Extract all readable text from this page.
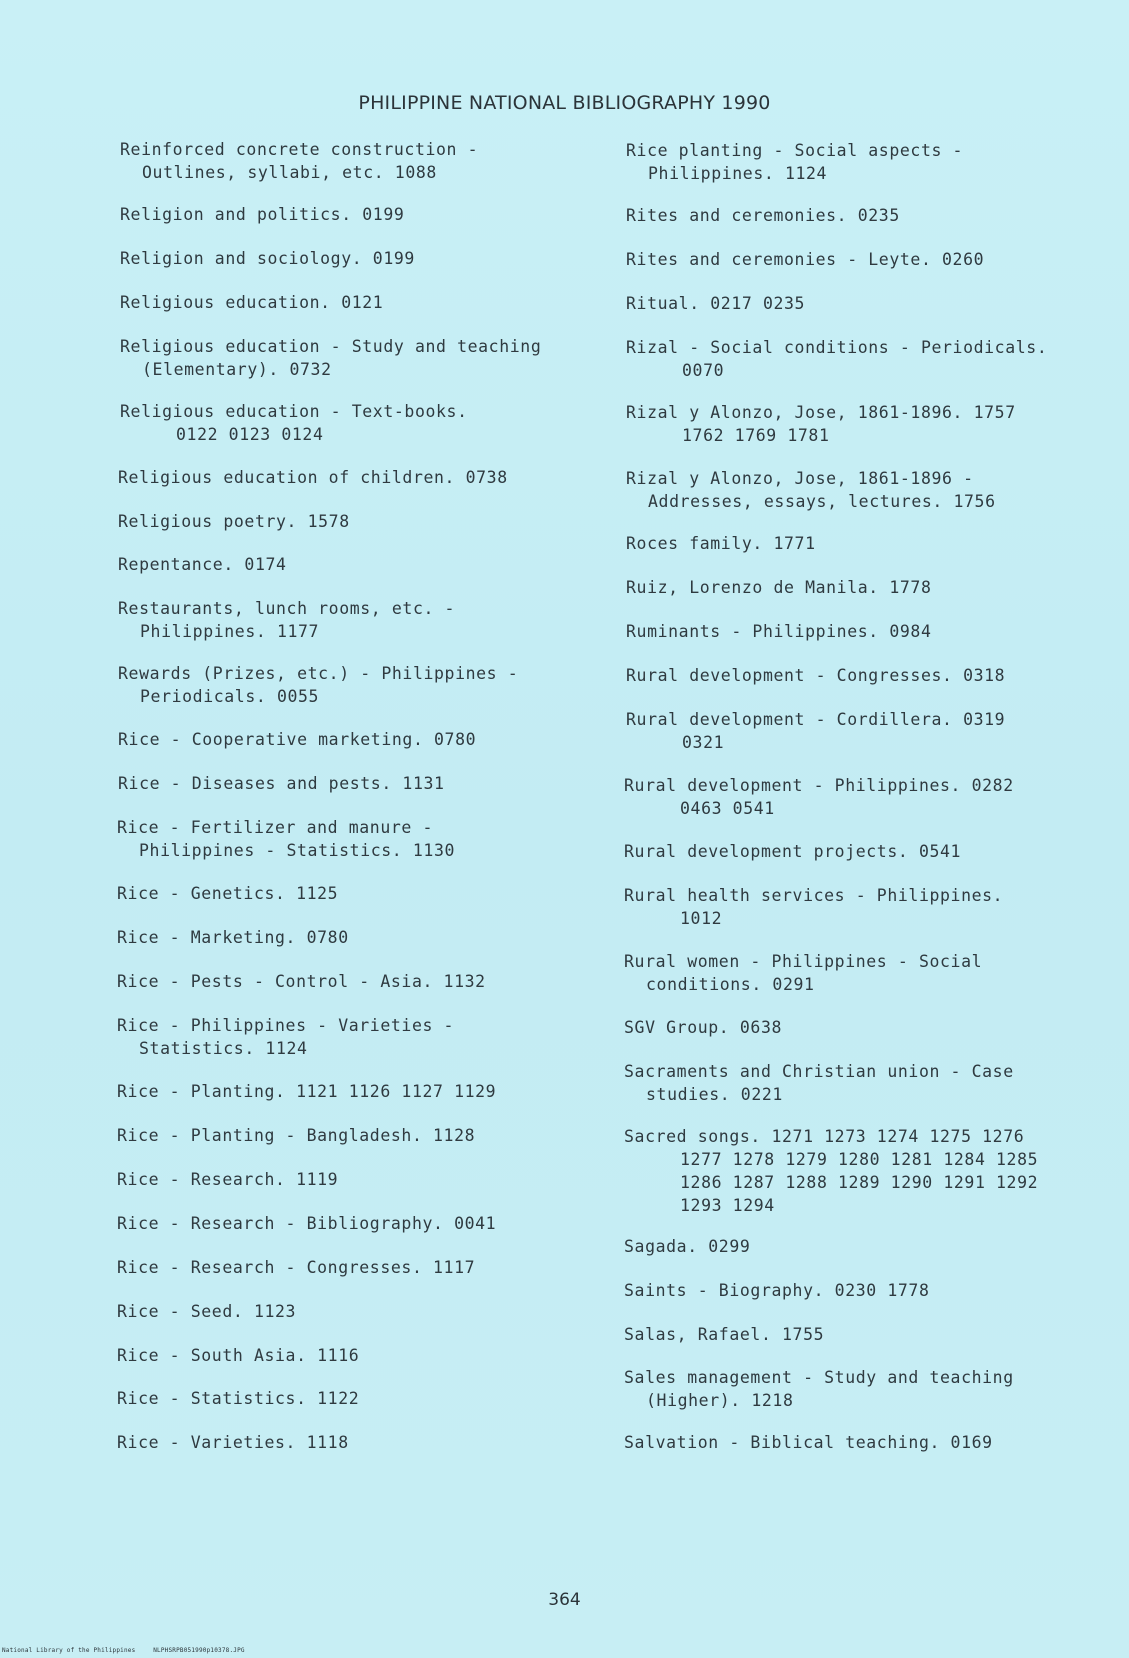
PHILIPPINE NATIONAL BIBLIOGRAPHY 1990
Reinforced concrete construction -
Outlines, syllabi, etc. 1088
Religion and politics. 0199
Religion and sociology. 0199
Religious education. 0121
Religious education - Study and teaching
(Elementary). 0732
Religious education - Text-books.
0122 0123 0124
Religious education of children. 0738
Religious poetry. 1578
Repentance. 0174
Restaurants, lunch rooms, etc. -
Philippines. 1177
Rewards (Prizes, etc.) - Philippines -
Periodicals. 0055
Rice - Cooperative marketing. 0780
Rice - Diseases and pests. 1131
Rice - Fertilizer and manure -
Philippines - Statistics. 1130
Rice - Genetics. 1125
Rice - Marketing. 0780
Rice - Pests - Control - Asia. 1132
Rice - Philippines - Varieties -
Statistics. 1124
Rice - Planting. 1121 1126 1127 1129
Rice - Planting - Bangladesh. 1128
Rice - Research. 1119
Rice - Research - Bibliography. 0041
Rice - Research - Congresses. 1117
Rice - Seed. 1123
Rice - South Asia. 1116
Rice - Statistics. 1122
Rice - Varieties. 1118
Rice planting - Social aspects -
Philippines. 1124
Rites and ceremonies. 0235
Rites and ceremonies - Leyte. 0260
Ritual. 0217 0235
Rizal - Social conditions - Periodicals.
0070
Rizal y Alonzo, Jose, 1861-1896. 1757
1762 1769 1781
Rizal y Alonzo, Jose, 1861-1896 -
Addresses, essays, lectures. 1756
Roces family. 1771
Ruiz, Lorenzo de Manila. 1778
Ruminants - Philippines. 0984
Rural development - Congresses. 0318
Rural development - Cordillera. 0319
0321
Rural development - Philippines. 0282
0463 0541
Rural development projects. 0541
Rural health services - Philippines.
1012
Rural women - Philippines - Social
conditions. 0291
SGV Group. 0638
Sacraments and Christian union - Case
studies. 0221
Sacred songs. 1271 1273 1274 1275 1276
1277 1278 1279 1280 1281 1284 1285
1286 1287 1288 1289 1290 1291 1292
1293 1294
Sagada. 0299
Saints - Biography. 0230 1778
Salas, Rafael. 1755
Sales management - Study and teaching
(Higher). 1218
Salvation - Biblical teaching. 0169
364
National Library of the Philippines	NLPHSRPB051990p10378.JPG
